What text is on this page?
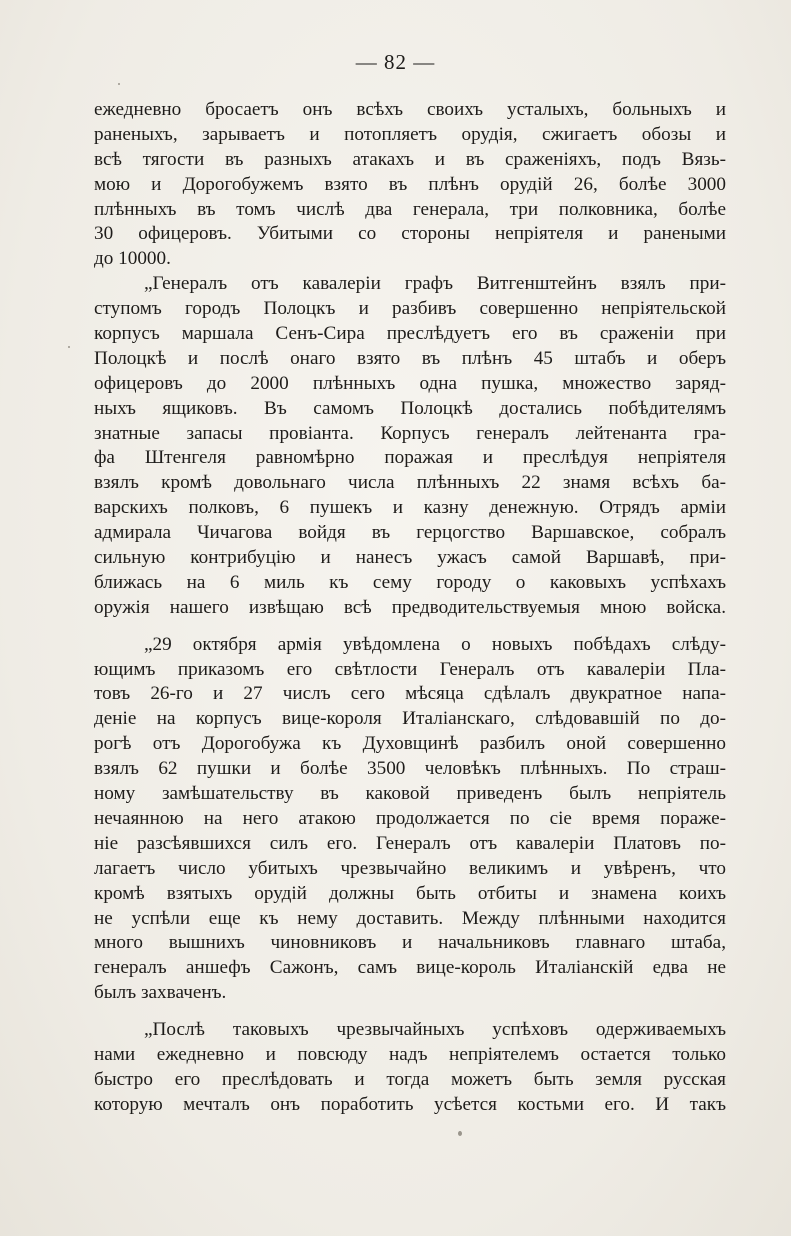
— 82 —
ежедневно бросаетъ онъ всѣхъ своихъ усталыхъ, больныхъ и
раненыхъ, зарываетъ и потопляетъ орудія, сжигаетъ обозы и
всѣ тягости въ разныхъ атакахъ и въ сраженіяхъ, подъ Вязь-
мою и Дорогобужемъ взято въ плѣнъ орудій 26, болѣе 3000
плѣнныхъ въ томъ числѣ два генерала, три полковника, болѣе
30 офицеровъ. Убитыми со стороны непріятеля и ранеными
до 10000.
„Генералъ отъ кавалеріи графъ Витгенштейнъ взялъ при-
ступомъ городъ Полоцкъ и разбивъ совершенно непріятельской
корпусъ маршала Сенъ-Сира преслѣдуетъ его въ сраженіи при
Полоцкѣ и послѣ онаго взято въ плѣнъ 45 штабъ и оберъ
офицеровъ до 2000 плѣнныхъ одна пушка, множество заряд-
ныхъ ящиковъ. Въ самомъ Полоцкѣ достались побѣдителямъ
знатные запасы провіанта. Корпусъ генералъ лейтенанта гра-
фа Штенгеля равномѣрно поражая и преслѣдуя непріятеля
взялъ кромѣ довольнаго числа плѣнныхъ 22 знамя всѣхъ ба-
варскихъ полковъ, 6 пушекъ и казну денежную. Отрядъ арміи
адмирала Чичагова войдя въ герцогство Варшавское, собралъ
сильную контрибуцію и нанесъ ужасъ самой Варшавѣ, при-
ближась на 6 миль къ сему городу о каковыхъ успѣхахъ
оружія нашего извѣщаю всѣ предводительствуемыя мною войска.
„29 октября армія увѣдомлена о новыхъ побѣдахъ слѣду-
ющимъ приказомъ его свѣтлости Генералъ отъ кавалеріи Пла-
товъ 26-го и 27 числъ сего мѣсяца сдѣлалъ двукратное напа-
деніе на корпусъ вице-короля Италіанскаго, слѣдовавшій по до-
рогѣ отъ Дорогобужа къ Духовщинѣ разбилъ оной совершенно
взялъ 62 пушки и болѣе 3500 человѣкъ плѣнныхъ. По страш-
ному замѣшательству въ каковой приведенъ былъ непріятель
нечаянною на него атакою продолжается по сіе время пораже-
ніе разсѣявшихся силъ его. Генералъ отъ кавалеріи Платовъ по-
лагаетъ число убитыхъ чрезвычайно великимъ и увѣренъ, что
кромѣ взятыхъ орудій должны быть отбиты и знамена коихъ
не успѣли еще къ нему доставить. Между плѣнными находится
много вышнихъ чиновниковъ и начальниковъ главнаго штаба,
генералъ аншефъ Сажонъ, самъ вице-король Италіанскій едва не
былъ захваченъ.
„Послѣ таковыхъ чрезвычайныхъ успѣховъ одерживаемыхъ
нами ежедневно и повсюду надъ непріятелемъ остается только
быстро его преслѣдовать и тогда можетъ быть земля русская
которую мечталъ онъ поработить усѣется костьми его. И такъ
